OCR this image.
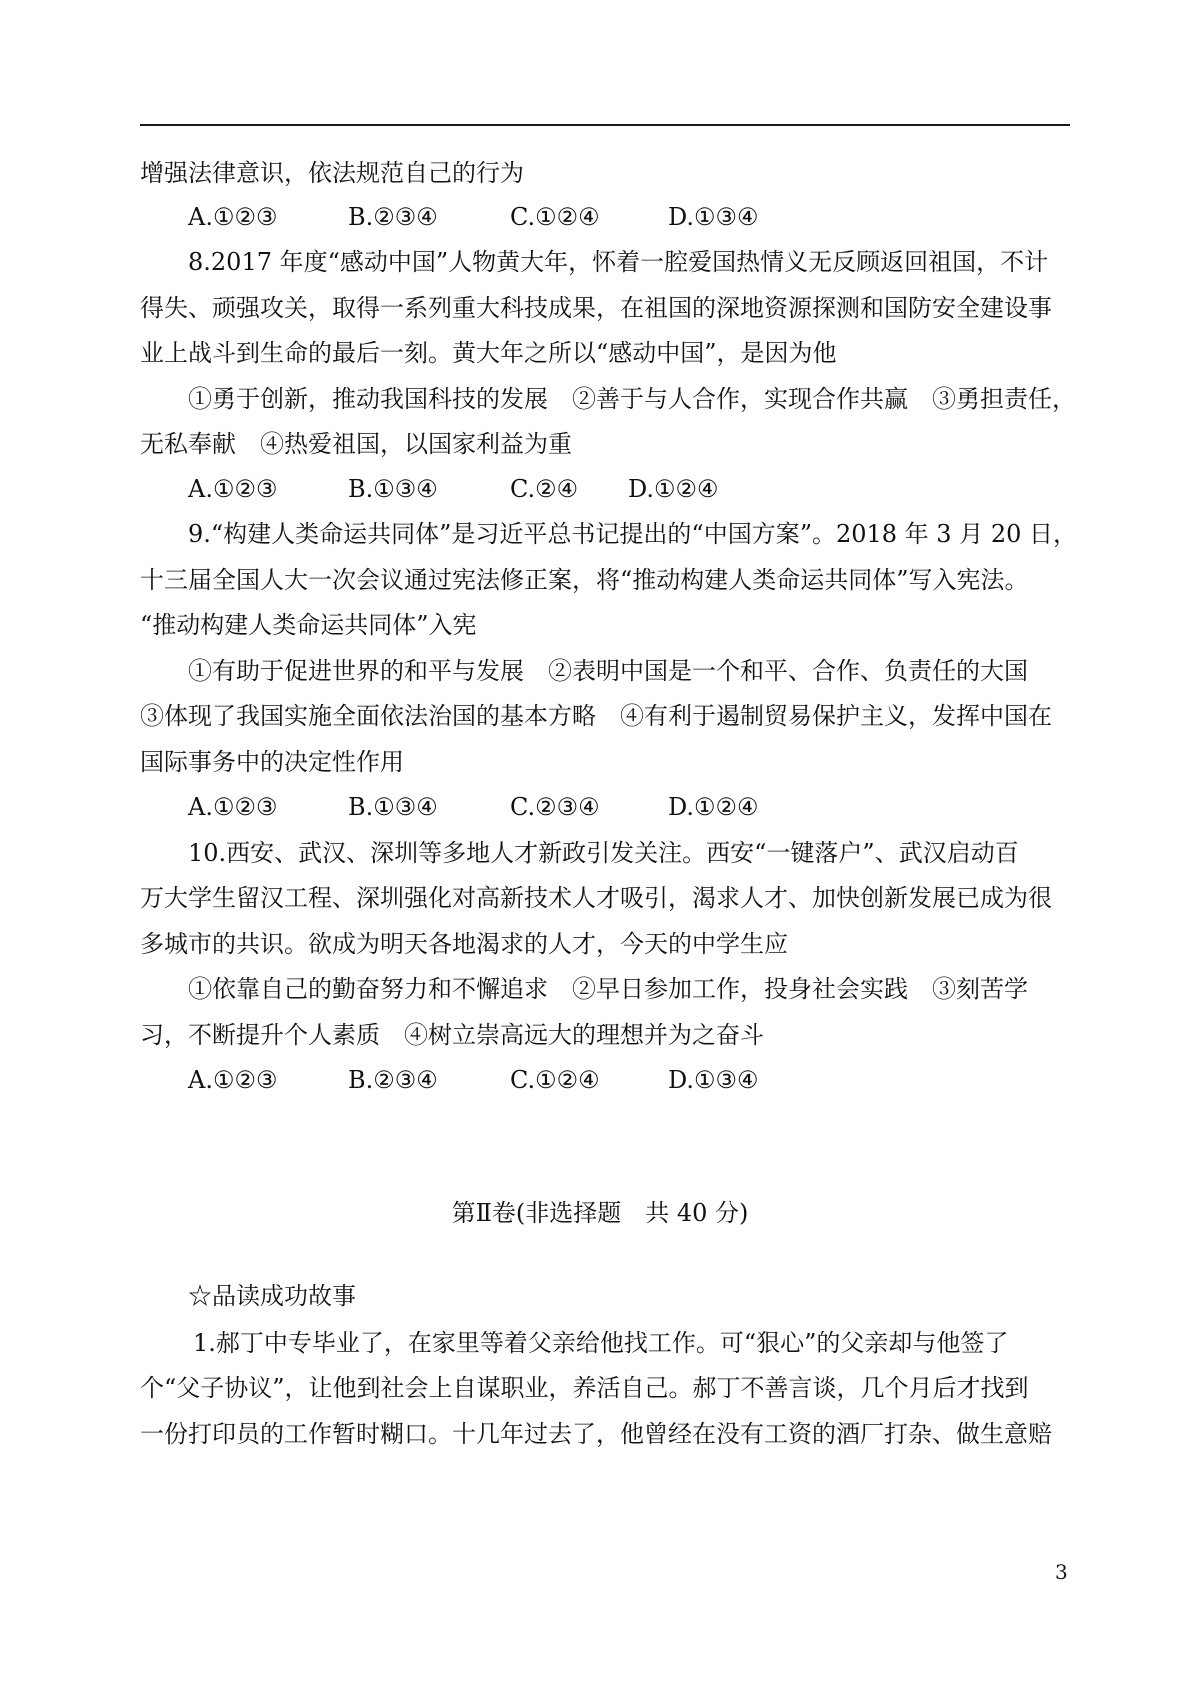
增强法律意识，依法规范自己的行为
A.①②③	B.②③④	C.①②④	D.①③④
8.2017 年度“感动中国”人物黄大年，怀着一腔爱国热情义无反顾返回祖国，不计
得失、顽强攻关，取得一系列重大科技成果，在祖国的深地资源探测和国防安全建设事
业上战斗到生命的最后一刻。黄大年之所以“感动中国”，是因为他
①勇于创新，推动我国科技的发展　②善于与人合作，实现合作共赢　③勇担责任，
无私奉献　④热爱祖国，以国家利益为重
A.①②③	B.①③④	C.②④ D.①②④
9.“构建人类命运共同体”是习近平总书记提出的“中国方案”。2018 年 3 月 20 日，
十三届全国人大一次会议通过宪法修正案，将“推动构建人类命运共同体”写入宪法。
“推动构建人类命运共同体”入宪
①有助于促进世界的和平与发展　②表明中国是一个和平、合作、负责任的大国
③体现了我国实施全面依法治国的基本方略　④有利于遏制贸易保护主义，发挥中国在
国际事务中的决定性作用
A.①②③	B.①③④	C.②③④	D.①②④
10.西安、武汉、深圳等多地人才新政引发关注。西安“一键落户”、武汉启动百
万大学生留汉工程、深圳强化对高新技术人才吸引，渴求人才、加快创新发展已成为很
多城市的共识。欲成为明天各地渴求的人才，今天的中学生应
①依靠自己的勤奋努力和不懈追求　②早日参加工作，投身社会实践　③刻苦学
习，不断提升个人素质　④树立崇高远大的理想并为之奋斗
A.①②③	B.②③④	C.①②④	D.①③④
第Ⅱ卷(非选择题　共 40 分)
☆品读成功故事
1.郝丁中专毕业了，在家里等着父亲给他找工作。可“狠心”的父亲却与他签了
个“父子协议”，让他到社会上自谋职业，养活自己。郝丁不善言谈，几个月后才找到
一份打印员的工作暂时糊口。十几年过去了，他曾经在没有工资的酒厂打杂、做生意赔
3
